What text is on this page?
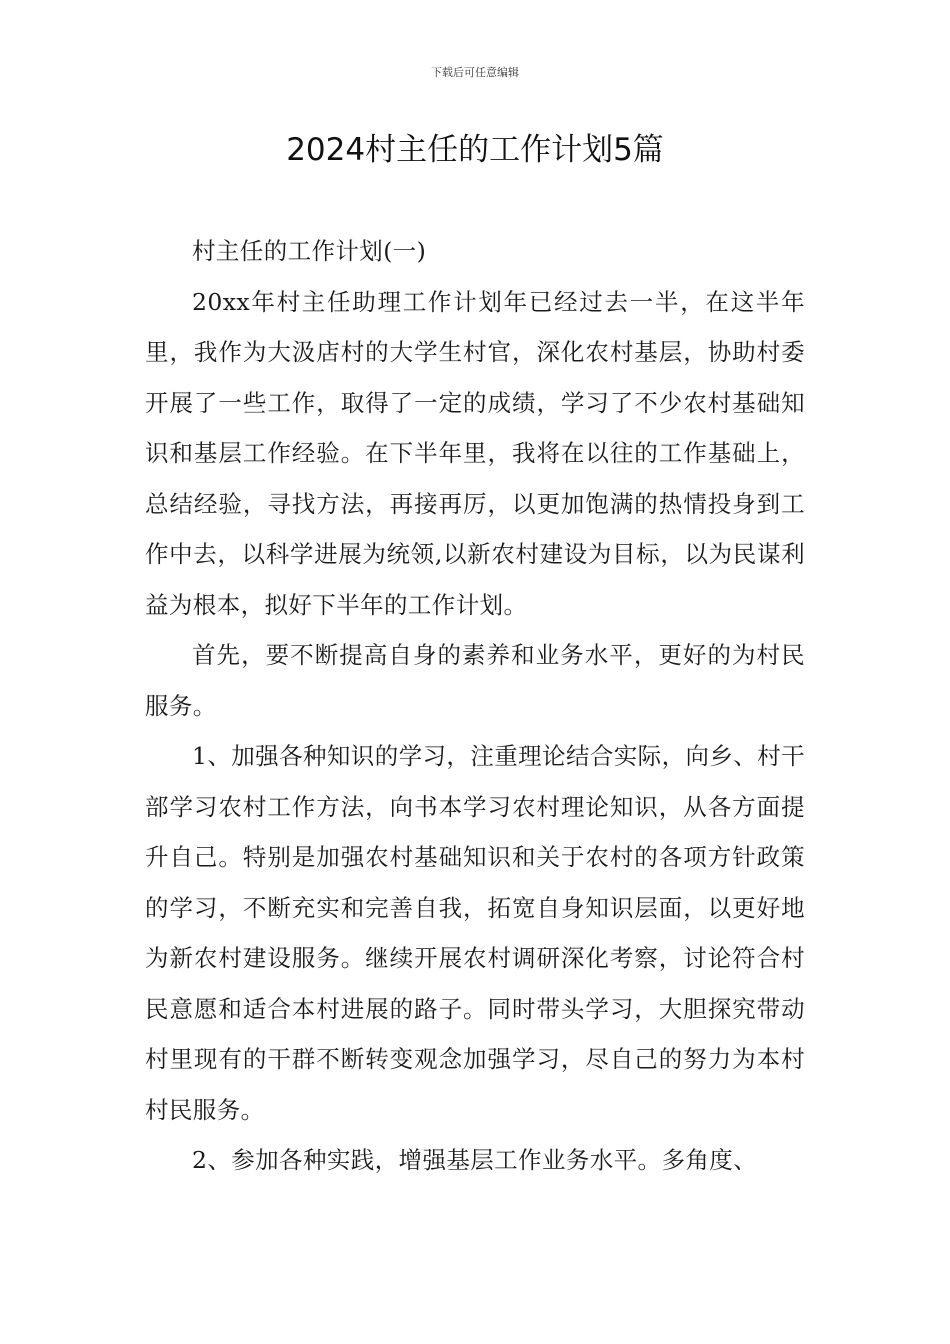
下载后可任意编辑
2024村主任的工作计划5篇

村主任的工作计划(一)

20xx年村主任助理工作计划年已经过去一半，在这半年里，我作为大汲店村的大学生村官，深化农村基层，协助村委开展了一些工作，取得了一定的成绩，学习了不少农村基础知识和基层工作经验。在下半年里，我将在以往的工作基础上，总结经验，寻找方法，再接再厉，以更加饱满的热情投身到工作中去，以科学进展为统领,以新农村建设为目标，以为民谋利益为根本，拟好下半年的工作计划。

首先，要不断提高自身的素养和业务水平，更好的为村民服务。

1、加强各种知识的学习，注重理论结合实际，向乡、村干部学习农村工作方法，向书本学习农村理论知识，从各方面提升自己。特别是加强农村基础知识和关于农村的各项方针政策的学习，不断充实和完善自我，拓宽自身知识层面，以更好地为新农村建设服务。继续开展农村调研深化考察，讨论符合村民意愿和适合本村进展的路子。同时带头学习，大胆探究带动村里现有的干群不断转变观念加强学习，尽自己的努力为本村村民服务。

2、参加各种实践，增强基层工作业务水平。多角度、
